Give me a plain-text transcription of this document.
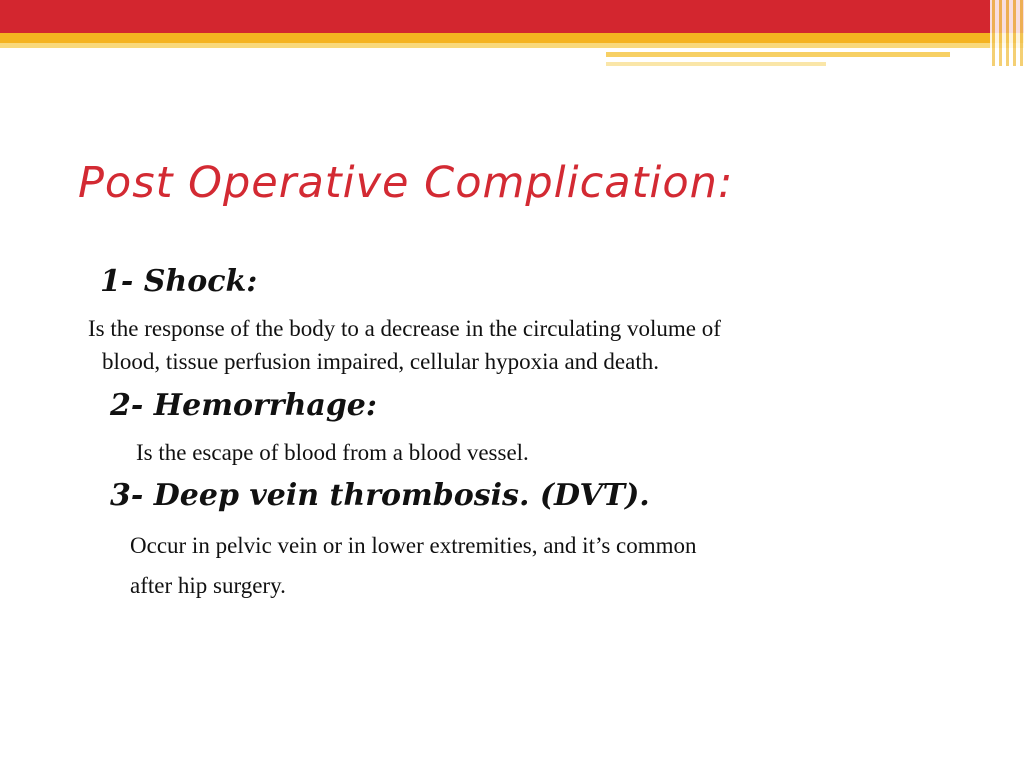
Post Operative Complication:
1- Shock:

Is the response of the body to a decrease in the circulating volume of
blood, tissue perfusion impaired, cellular hypoxia and death.

2- Hemorrhage:

Is the escape of blood from a blood vessel.

3- Deep vein thrombosis. (DVT).

Occur in pelvic vein or in lower extremities, and it’s common
after hip surgery.
